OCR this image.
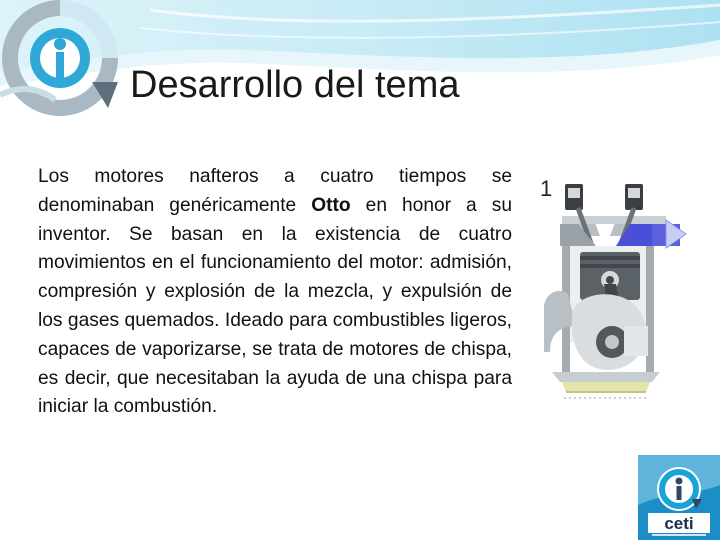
Desarrollo del tema

Los motores nafteros a cuatro tiempos se denominaban genéricamente Otto en honor a su inventor. Se basan en la existencia de cuatro movimientos en el funcionamiento del motor: admisión, compresión y explosión de la mezcla, y expulsión de los gases quemados. Ideado para combustibles ligeros, capaces de vaporizarse, se trata de motores de chispa, es decir, que necesitaban la ayuda de una chispa para iniciar la combustión.

1
ceti
